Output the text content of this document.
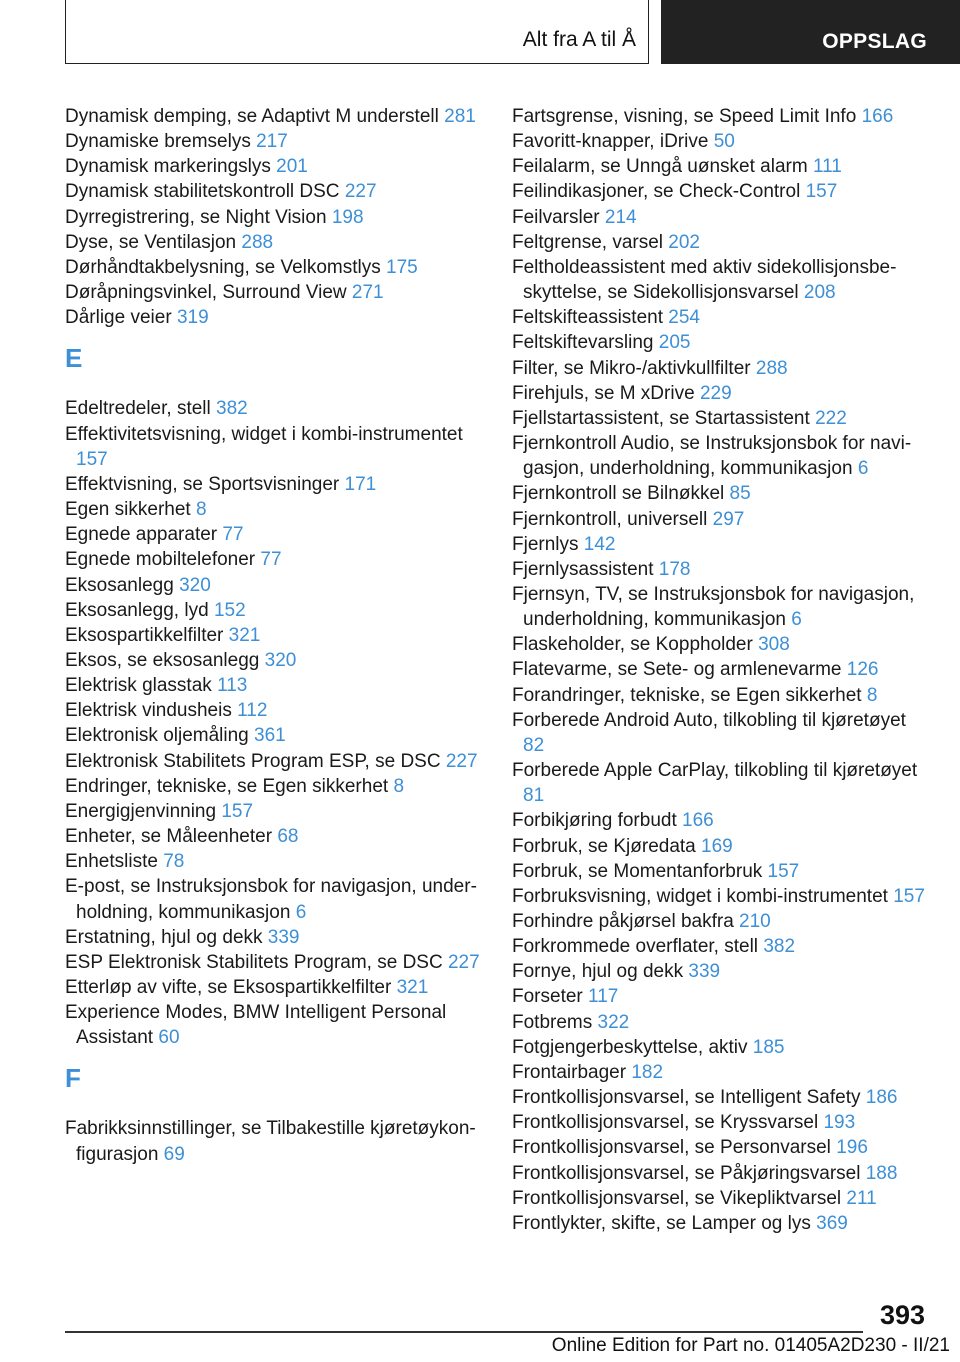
Alt fra A til Å	OPPSLAG
Dynamisk demping, se Adaptivt M understell 281
Dynamiske bremselys 217
Dynamisk markeringslys 201
Dynamisk stabilitetskontroll DSC 227
Dyrregistrering, se Night Vision 198
Dyse, se Ventilasjon 288
Dørhåndtakbelysning, se Velkomstlys 175
Døråpningsvinkel, Surround View 271
Dårlige veier 319
E
Edeltredeler, stell 382
Effektivitetsvisning, widget i kombi-instrumentet 157
Effektvisning, se Sportsvisninger 171
Egen sikkerhet 8
Egnede apparater 77
Egnede mobiltelefoner 77
Eksosanlegg 320
Eksosanlegg, lyd 152
Eksospartikkelfilter 321
Eksos, se eksosanlegg 320
Elektrisk glasstak 113
Elektrisk vindusheis 112
Elektronisk oljemåling 361
Elektronisk Stabilitets Program ESP, se DSC 227
Endringer, tekniske, se Egen sikkerhet 8
Energigjenvinning 157
Enheter, se Måleenheter 68
Enhetsliste 78
E-post, se Instruksjonsbok for navigasjon, underholdning, kommunikasjon 6
Erstatning, hjul og dekk 339
ESP Elektronisk Stabilitets Program, se DSC 227
Etterløp av vifte, se Eksospartikkelfilter 321
Experience Modes, BMW Intelligent Personal Assistant 60
F
Fabrikksinnstillinger, se Tilbakestille kjøretøykonfigurasjon 69
Fartsgrense, visning, se Speed Limit Info 166
Favoritt-knapper, iDrive 50
Feilalarm, se Unngå uønsket alarm 111
Feilindikasjoner, se Check-Control 157
Feilvarsler 214
Feltgrense, varsel 202
Feltholdeassistent med aktiv sidekollisjonsbeskyttelse, se Sidekollisjonsvarsel 208
Feltskifteassistent 254
Feltskiftevarsling 205
Filter, se Mikro-/aktivkullfilter 288
Firehjuls, se M xDrive 229
Fjellstartassistent, se Startassistent 222
Fjernkontroll Audio, se Instruksjonsbok for navigasjon, underholdning, kommunikasjon 6
Fjernkontroll se Bilnøkkel 85
Fjernkontroll, universell 297
Fjernlys 142
Fjernlysassistent 178
Fjernsyn, TV, se Instruksjonsbok for navigasjon, underholdning, kommunikasjon 6
Flaskeholder, se Koppholder 308
Flatevarme, se Sete- og armlenevarme 126
Forandringer, tekniske, se Egen sikkerhet 8
Forberede Android Auto, tilkobling til kjøretøyet 82
Forberede Apple CarPlay, tilkobling til kjøretøyet 81
Forbikjøring forbudt 166
Forbruk, se Kjøredata 169
Forbruk, se Momentanforbruk 157
Forbruksvisning, widget i kombi-instrumentet 157
Forhindre påkjørsel bakfra 210
Forkrommede overflater, stell 382
Fornye, hjul og dekk 339
Forseter 117
Fotbrems 322
Fotgjengerbeskyttelse, aktiv 185
Frontairbager 182
Frontkollisjonsvarsel, se Intelligent Safety 186
Frontkollisjonsvarsel, se Kryssvarsel 193
Frontkollisjonsvarsel, se Personvarsel 196
Frontkollisjonsvarsel, se Påkjøringsvarsel 188
Frontkollisjonsvarsel, se Vikepliktvarsel 211
Frontlykter, skifte, se Lamper og lys 369
393
Online Edition for Part no. 01405A2D230 - II/21
